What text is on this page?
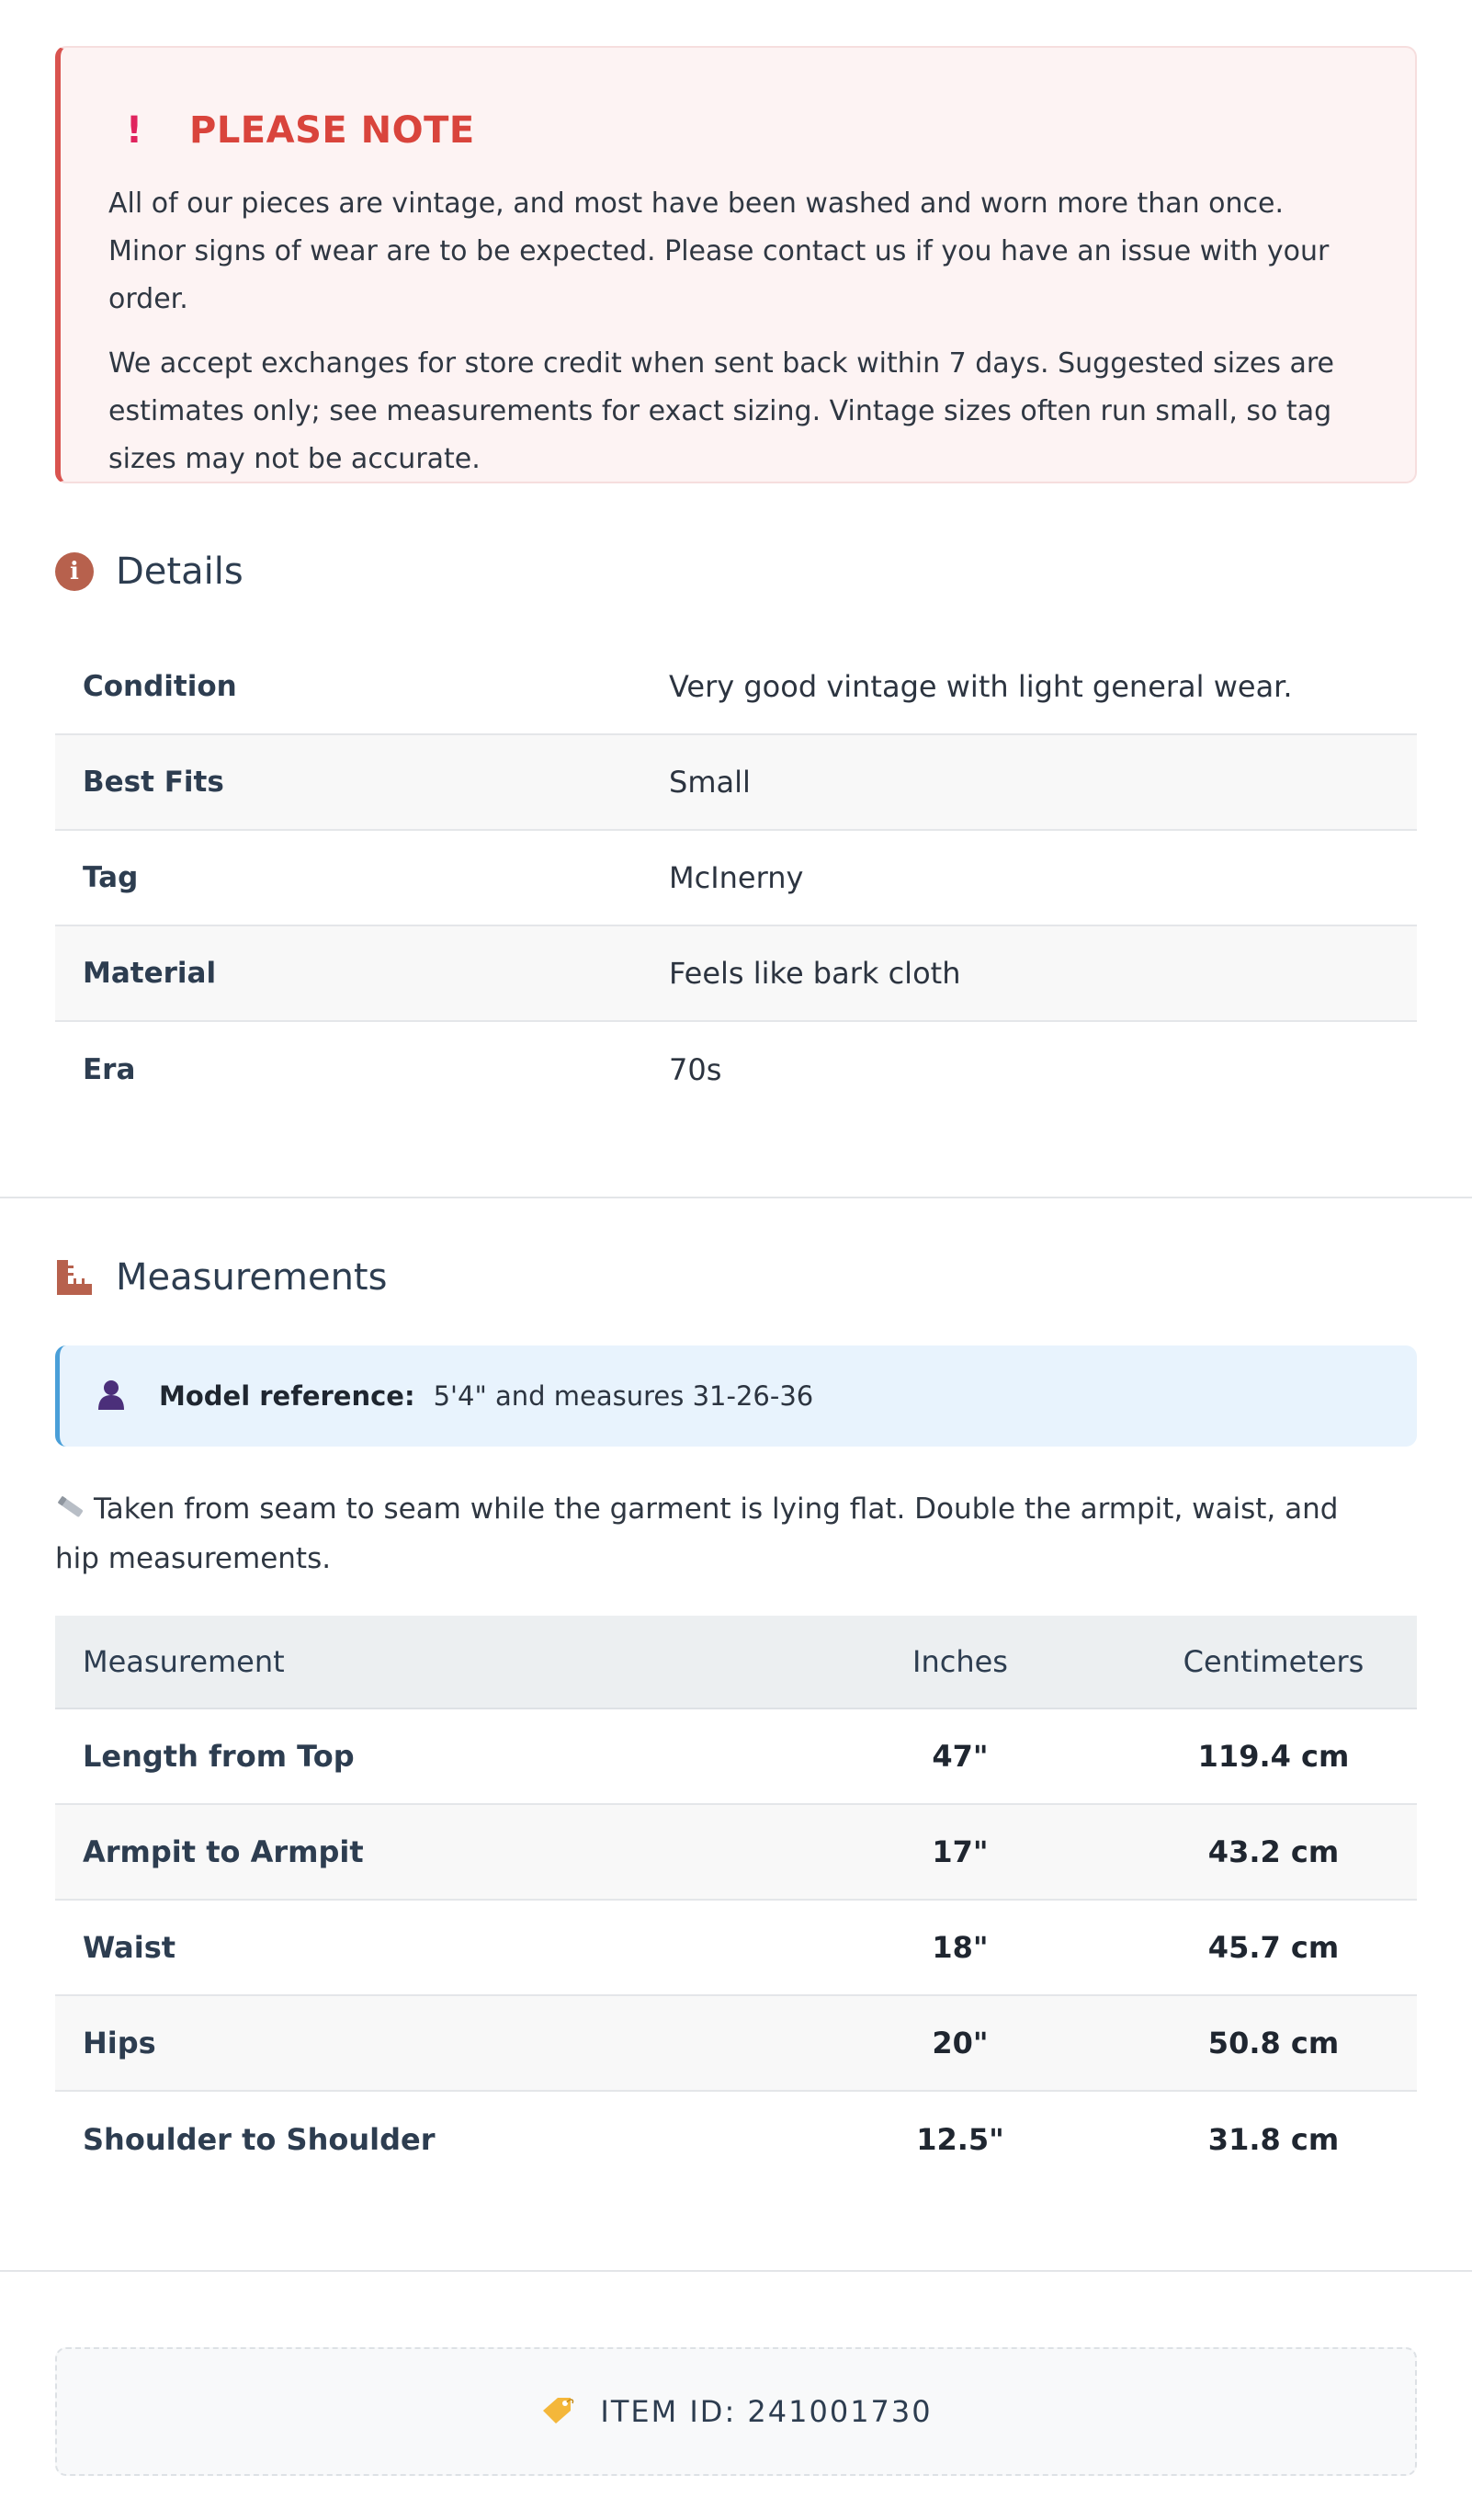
! PLEASE NOTE

All of our pieces are vintage, and most have been washed and worn more than once. Minor signs of wear are to be expected. Please contact us if you have an issue with your order.

We accept exchanges for store credit when sent back within 7 days. Suggested sizes are estimates only; see measurements for exact sizing. Vintage sizes often run small, so tag sizes may not be accurate.

i	Details
Condition	Very good vintage with light general wear.
Best Fits	Small
Tag	McInerny
Material	Feels like bark cloth
Era	70s
Measurements
Model reference: 5'4" and measures 31-26-36
Taken from seam to seam while the garment is lying flat. Double the armpit, waist, and hip measurements.
Measurement	Inches	Centimeters
Length from Top	47"	119.4 cm
Armpit to Armpit	17"	43.2 cm
Waist	18"	45.7 cm
Hips	20"	50.8 cm
Shoulder to Shoulder	12.5"	31.8 cm
ITEM ID: 241001730
